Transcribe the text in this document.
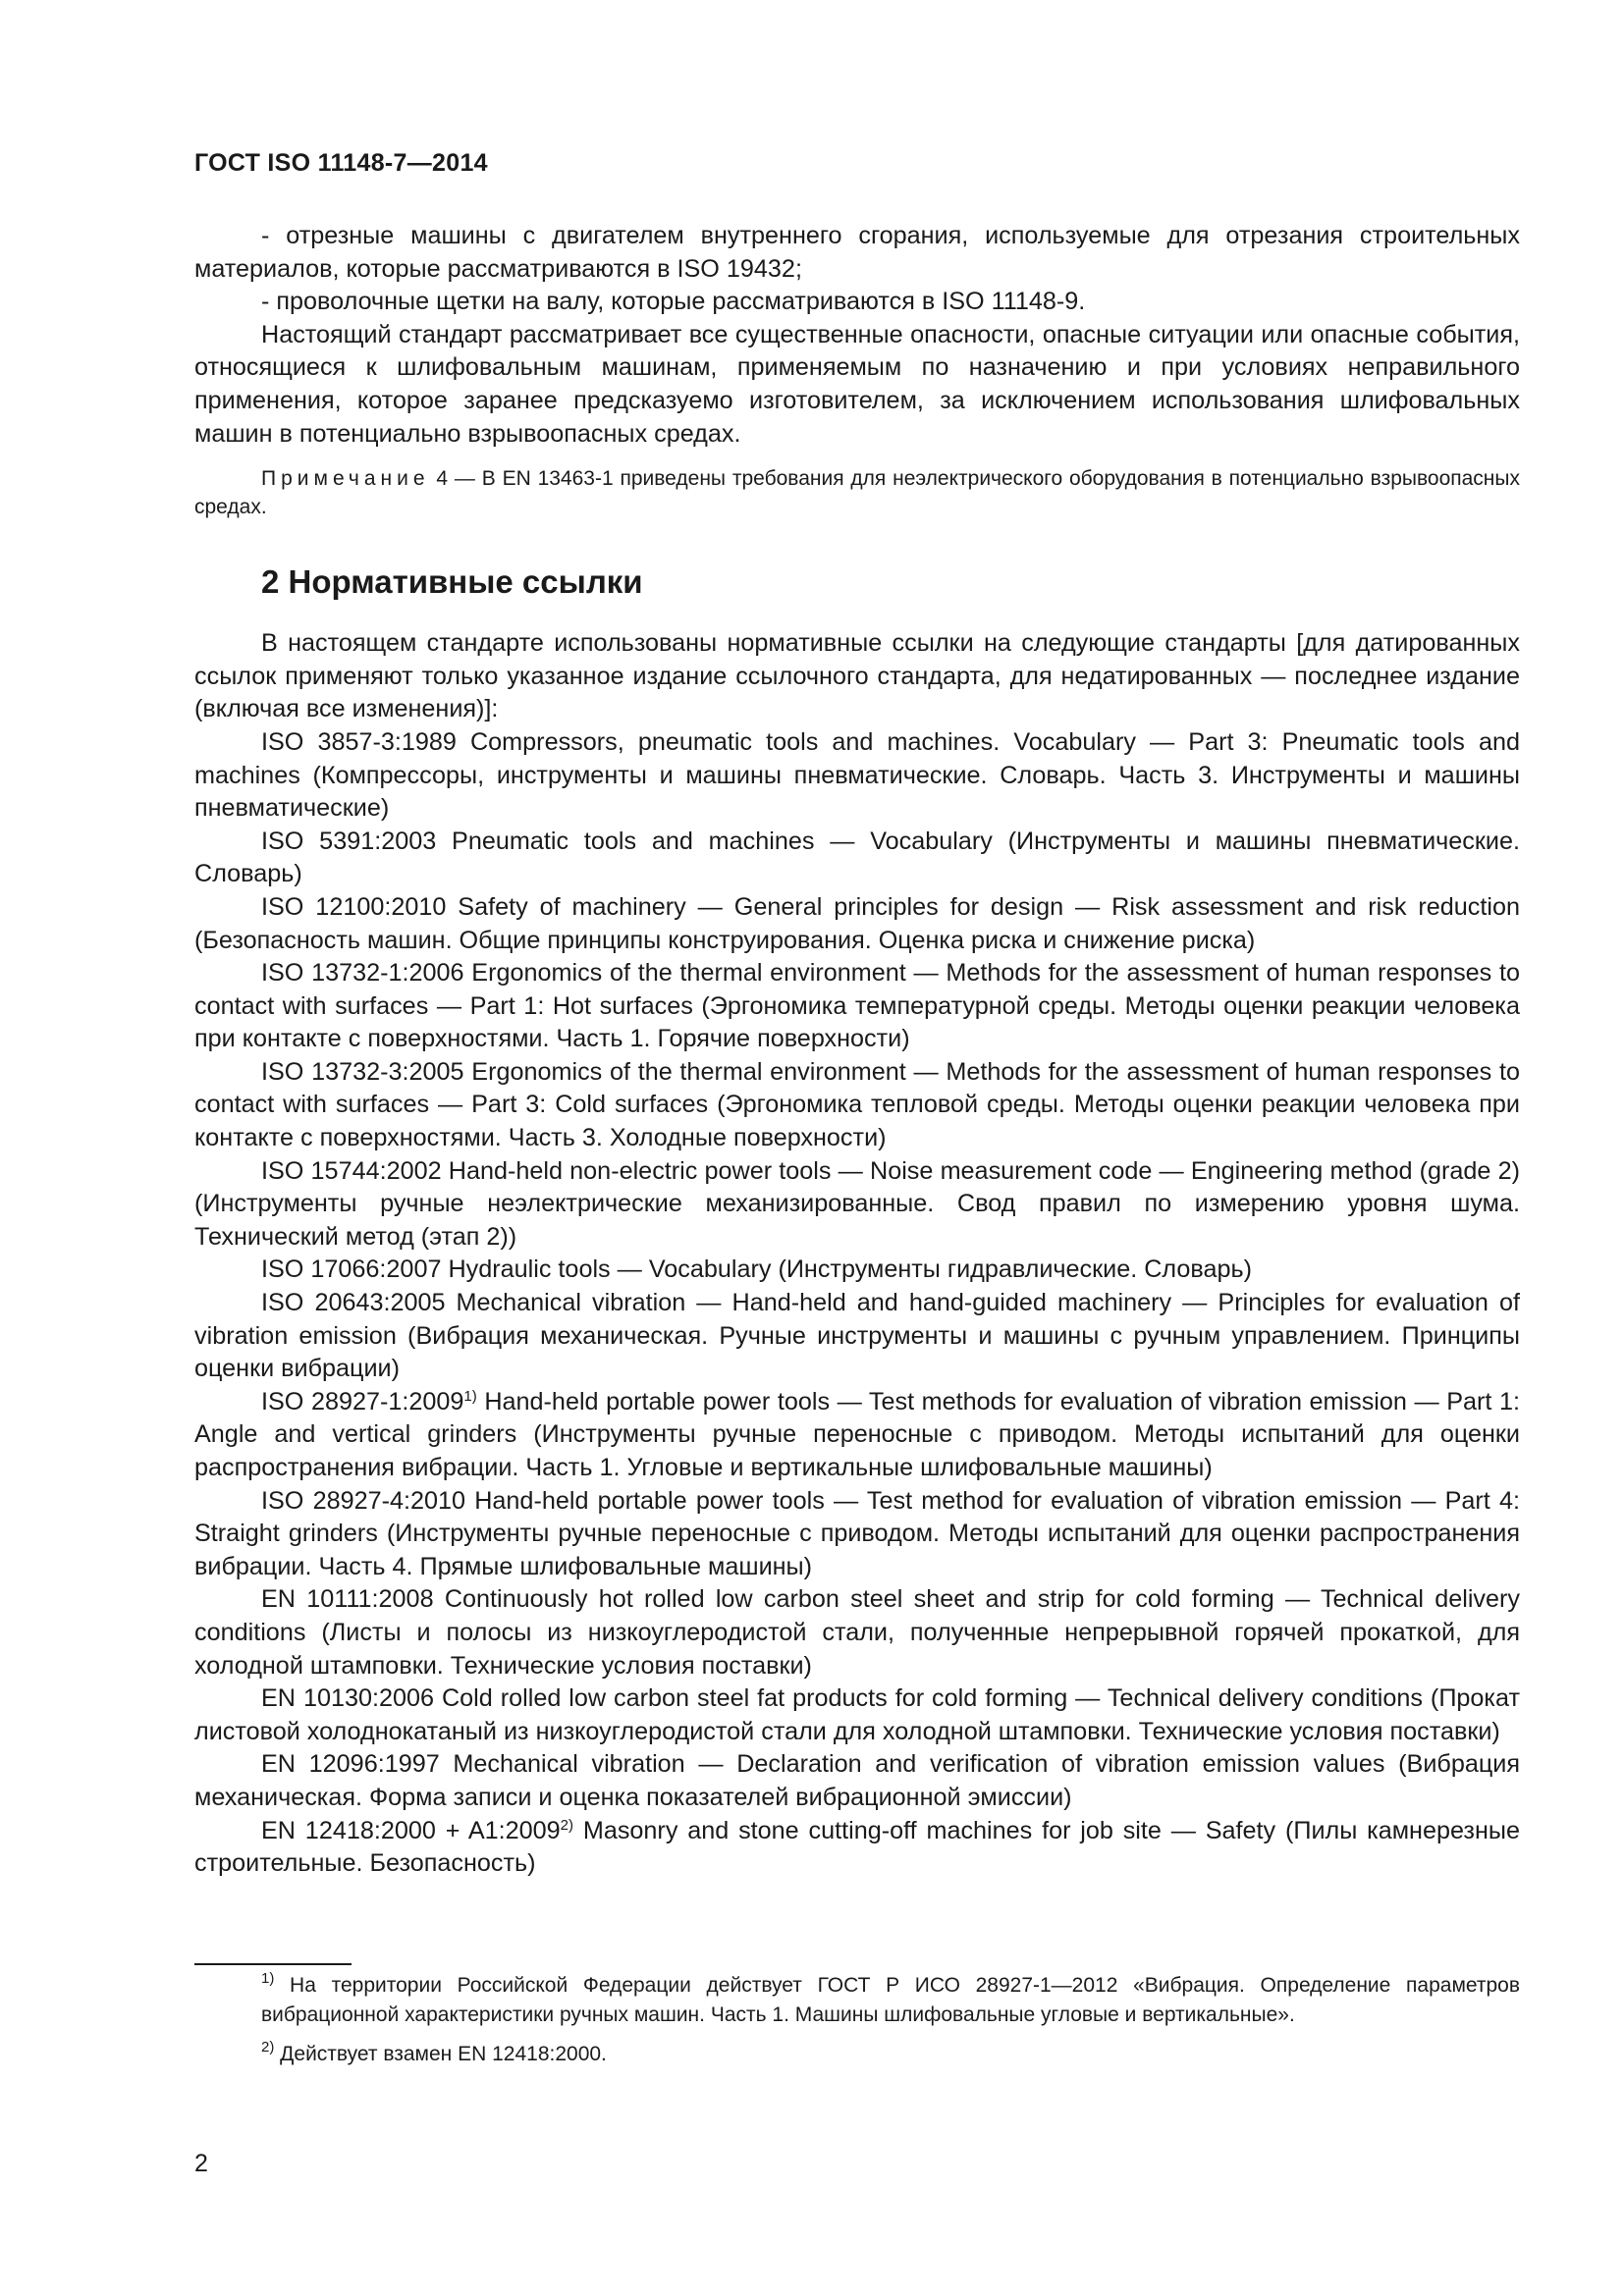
ГОСТ ISO 11148-7—2014

- отрезные машины с двигателем внутреннего сгорания, используемые для отрезания строительных материалов, которые рассматриваются в ISO 19432;

- проволочные щетки на валу, которые рассматриваются в ISO 11148-9.

Настоящий стандарт рассматривает все существенные опасности, опасные ситуации или опасные события, относящиеся к шлифовальным машинам, применяемым по назначению и при условиях неправильного применения, которое заранее предсказуемо изготовителем, за исключением использования шлифовальных машин в потенциально взрывоопасных средах.

Примечание 4 — В EN 13463-1 приведены требования для неэлектрического оборудования в потенциально взрывоопасных средах.

2 Нормативные ссылки

В настоящем стандарте использованы нормативные ссылки на следующие стандарты [для датированных ссылок применяют только указанное издание ссылочного стандарта, для недатированных — последнее издание (включая все изменения)]:

ISO 3857-3:1989 Compressors, pneumatic tools and machines. Vocabulary — Part 3: Pneumatic tools and machines (Компрессоры, инструменты и машины пневматические. Словарь. Часть 3. Инструменты и машины пневматические)

ISO 5391:2003 Pneumatic tools and machines — Vocabulary (Инструменты и машины пневматические. Словарь)

ISO 12100:2010 Safety of machinery — General principles for design — Risk assessment and risk reduction (Безопасность машин. Общие принципы конструирования. Оценка риска и снижение риска)

ISO 13732-1:2006 Ergonomics of the thermal environment — Methods for the assessment of human responses to contact with surfaces — Part 1: Hot surfaces (Эргономика температурной среды. Методы оценки реакции человека при контакте с поверхностями. Часть 1. Горячие поверхности)

ISO 13732-3:2005 Ergonomics of the thermal environment — Methods for the assessment of human responses to contact with surfaces — Part 3: Cold surfaces (Эргономика тепловой среды. Методы оценки реакции человека при контакте с поверхностями. Часть 3. Холодные поверхности)

ISO 15744:2002 Hand-held non-electric power tools — Noise measurement code — Engineering method (grade 2) (Инструменты ручные неэлектрические механизированные. Свод правил по измерению уровня шума. Технический метод (этап 2))

ISO 17066:2007 Hydraulic tools — Vocabulary (Инструменты гидравлические. Словарь)

ISO 20643:2005 Mechanical vibration — Hand-held and hand-guided machinery — Principles for evaluation of vibration emission (Вибрация механическая. Ручные инструменты и машины с ручным управлением. Принципы оценки вибрации)

ISO 28927-1:2009$^{1)}$ Hand-held portable power tools — Test methods for evaluation of vibration emission — Part 1: Angle and vertical grinders (Инструменты ручные переносные с приводом. Методы испытаний для оценки распространения вибрации. Часть 1. Угловые и вертикальные шлифовальные машины)

ISO 28927-4:2010 Hand-held portable power tools — Test method for evaluation of vibration emission — Part 4: Straight grinders (Инструменты ручные переносные с приводом. Методы испытаний для оценки распространения вибрации. Часть 4. Прямые шлифовальные машины)

EN 10111:2008 Continuously hot rolled low carbon steel sheet and strip for cold forming — Technical delivery conditions (Листы и полосы из низкоуглеродистой стали, полученные непрерывной горячей прокаткой, для холодной штамповки. Технические условия поставки)

EN 10130:2006 Cold rolled low carbon steel fat products for cold forming — Technical delivery conditions (Прокат листовой холоднокатаный из низкоуглеродистой стали для холодной штамповки. Технические условия поставки)

EN 12096:1997 Mechanical vibration — Declaration and verification of vibration emission values (Вибрация механическая. Форма записи и оценка показателей вибрационной эмиссии)

EN 12418:2000 + $A1:2009^{2)}$ Masonry and stone cutting-off machines for job site — Safety (Пилы камнерезные строительные. Безопасность)

$^{1)}$ На территории Российской Федерации действует ГОСТ Р ИСО 28927-1—2012 «Вибрация. Определение параметров вибрационной характеристики ручных машин. Часть 1. Машины шлифовальные угловые и вертикальные».

$^{2)}$ Действует взамен EN 12418:2000.

2
